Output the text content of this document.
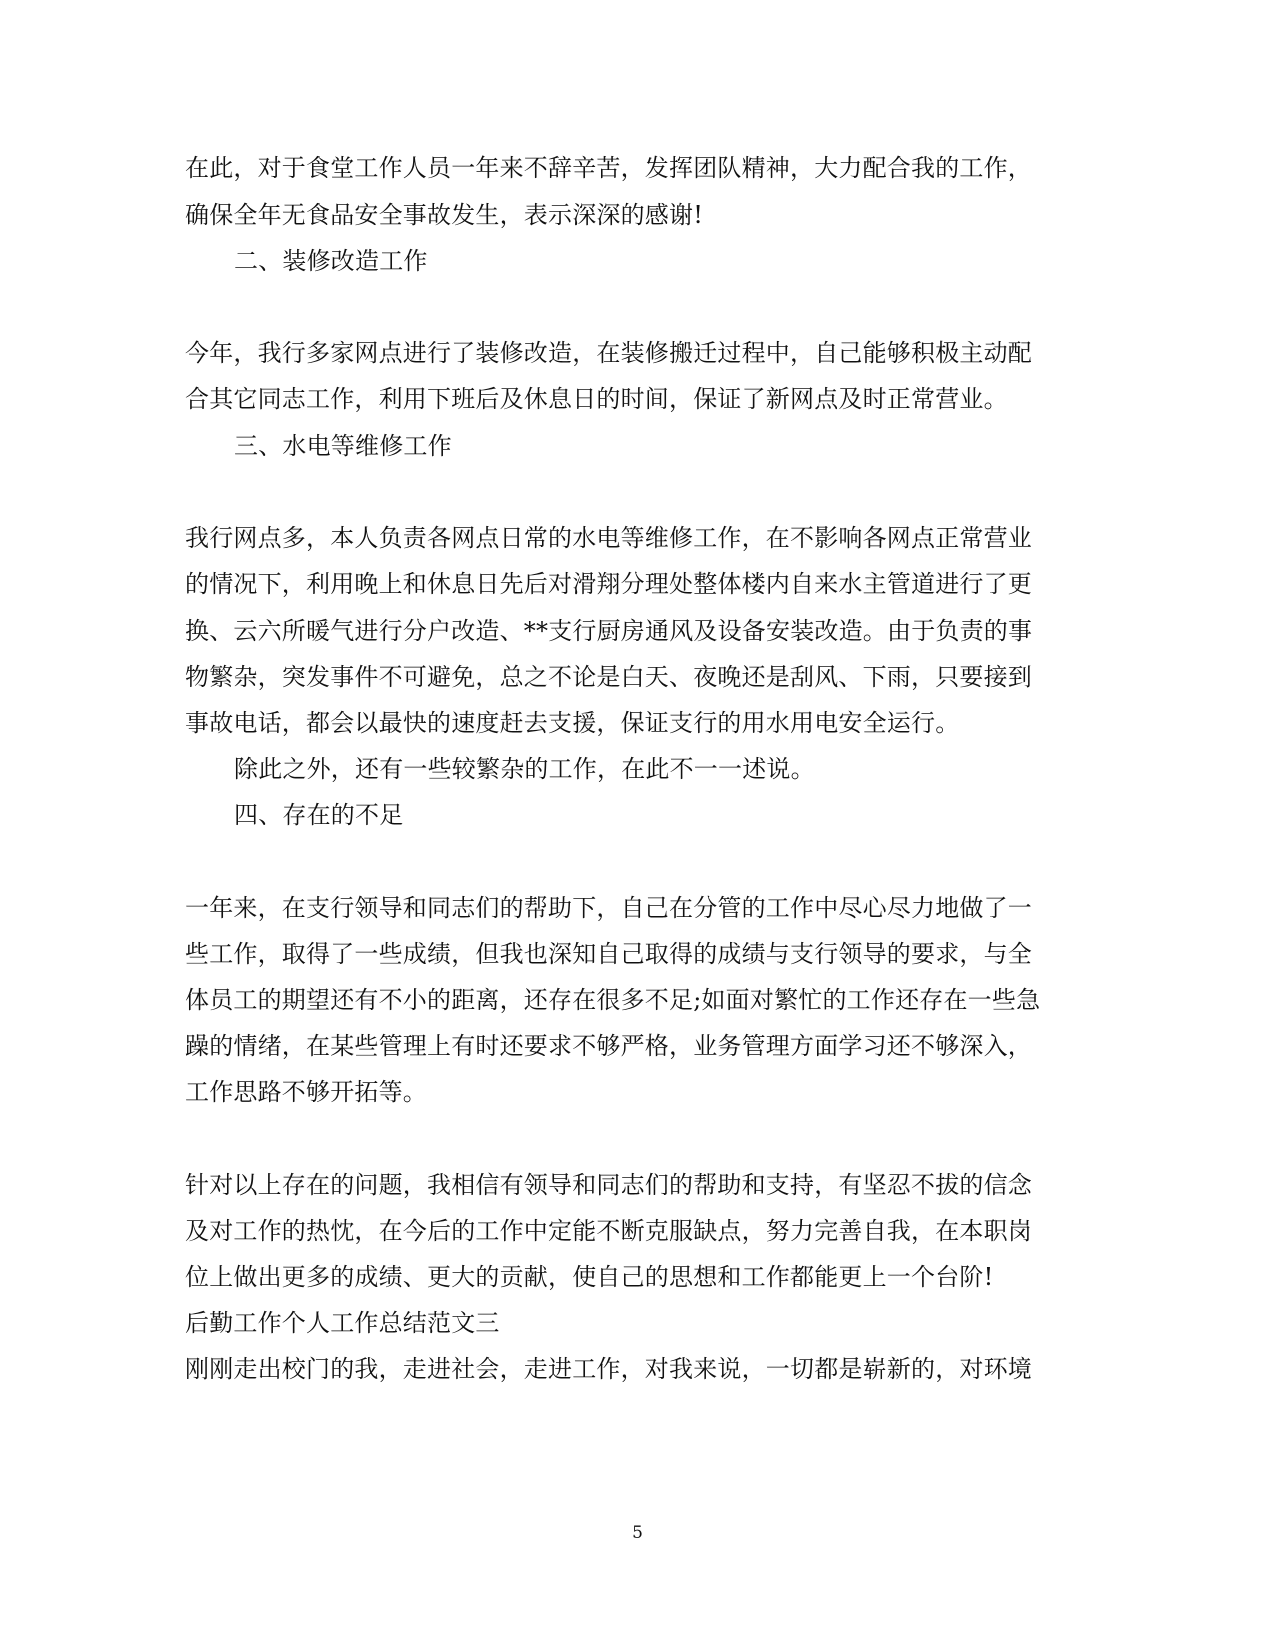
在此，对于食堂工作人员一年来不辞辛苦，发挥团队精神，大力配合我的工作，
确保全年无食品安全事故发生，表示深深的感谢!
二、装修改造工作
今年，我行多家网点进行了装修改造，在装修搬迁过程中，自己能够积极主动配
合其它同志工作，利用下班后及休息日的时间，保证了新网点及时正常营业。
三、水电等维修工作
我行网点多，本人负责各网点日常的水电等维修工作，在不影响各网点正常营业
的情况下，利用晚上和休息日先后对滑翔分理处整体楼内自来水主管道进行了更
换、云六所暖气进行分户改造、**支行厨房通风及设备安装改造。由于负责的事
物繁杂，突发事件不可避免，总之不论是白天、夜晚还是刮风、下雨，只要接到
事故电话，都会以最快的速度赶去支援，保证支行的用水用电安全运行。
除此之外，还有一些较繁杂的工作，在此不一一述说。
四、存在的不足
一年来，在支行领导和同志们的帮助下，自己在分管的工作中尽心尽力地做了一
些工作，取得了一些成绩，但我也深知自己取得的成绩与支行领导的要求，与全
体员工的期望还有不小的距离，还存在很多不足;如面对繁忙的工作还存在一些急
躁的情绪，在某些管理上有时还要求不够严格，业务管理方面学习还不够深入，
工作思路不够开拓等。
针对以上存在的问题，我相信有领导和同志们的帮助和支持，有坚忍不拔的信念
及对工作的热忱，在今后的工作中定能不断克服缺点，努力完善自我，在本职岗
位上做出更多的成绩、更大的贡献，使自己的思想和工作都能更上一个台阶!
后勤工作个人工作总结范文三
刚刚走出校门的我，走进社会，走进工作，对我来说，一切都是崭新的，对环境
5
